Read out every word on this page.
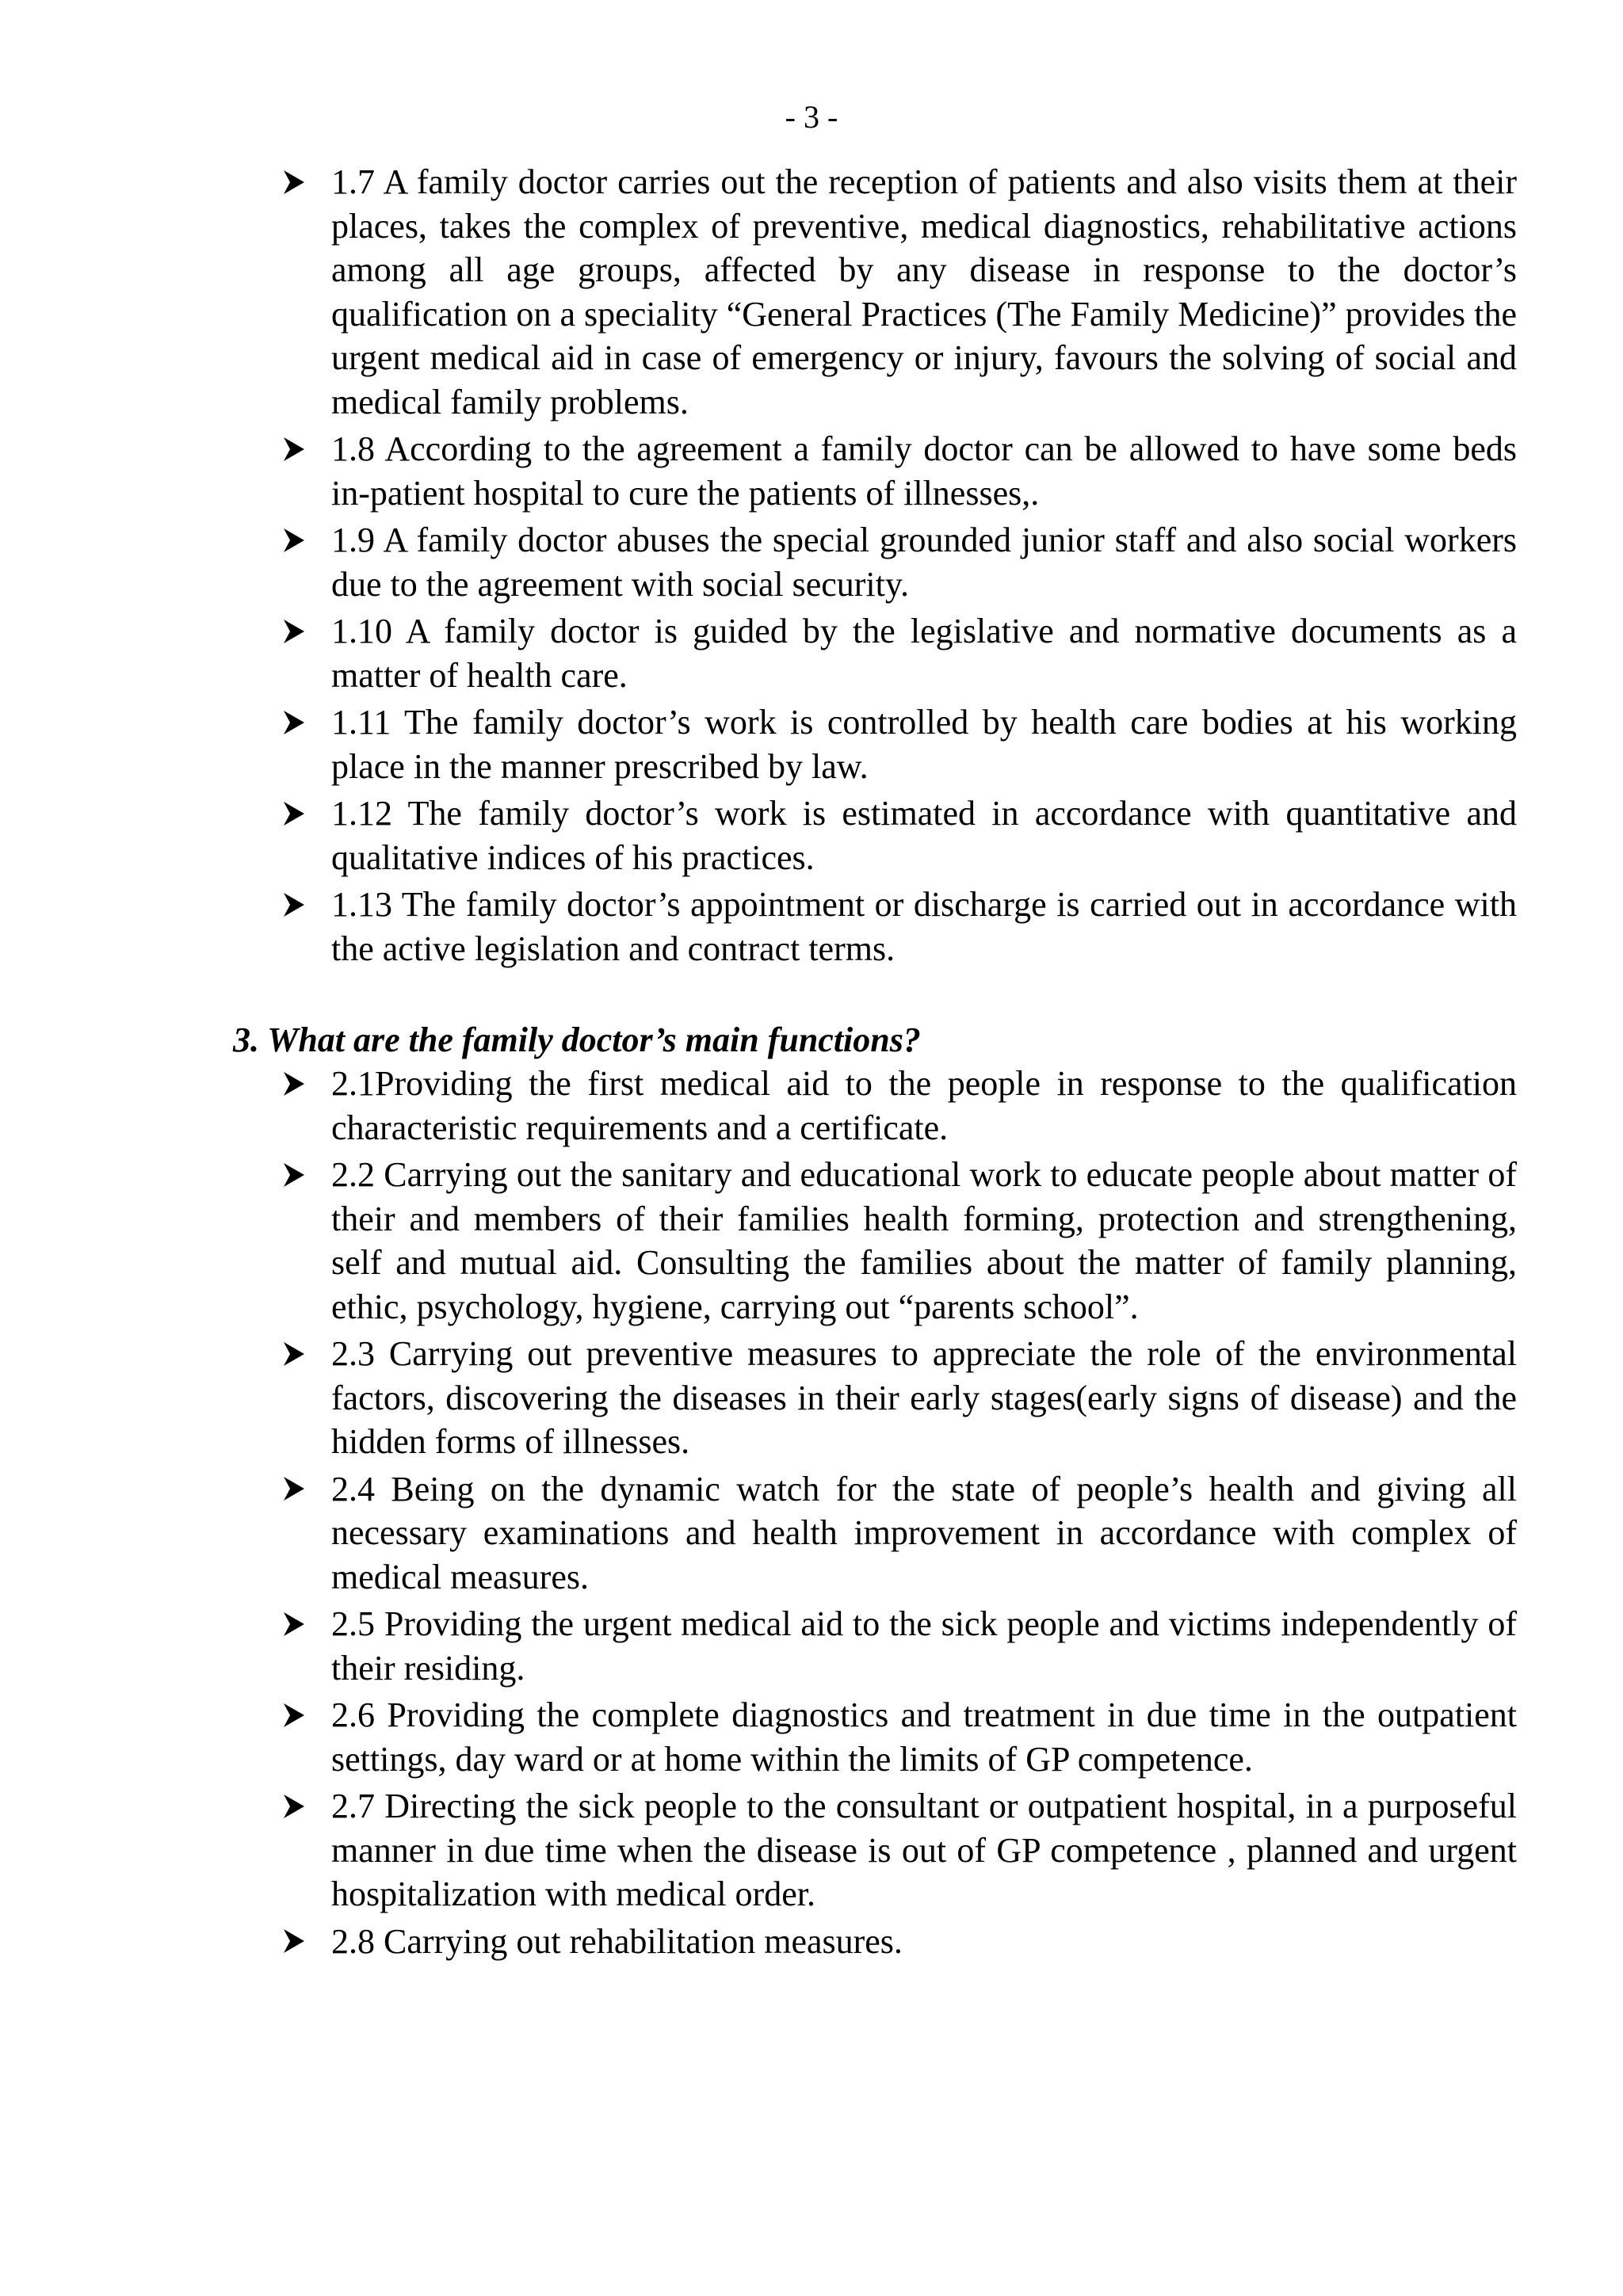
- 3 -
1.7 A family doctor carries out the reception of patients and also visits them at their places, takes the complex of preventive, medical diagnostics, rehabilitative actions among all age groups, affected by any disease in response to the doctor’s qualification on a speciality “General Practices (The Family Medicine)” provides the urgent medical aid in case of emergency or injury, favours the solving of social and medical family problems.
1.8 According to the agreement a family doctor can be allowed to have some beds in-patient hospital to cure the patients of illnesses,.
1.9 A family doctor abuses the special grounded junior staff and also social workers due to the agreement with social security.
1.10 A family doctor is guided by the legislative and normative documents as a matter of health care.
1.11 The family doctor’s work is controlled by health care bodies at his working place in the manner prescribed by law.
1.12 The family doctor’s work is estimated in accordance with quantitative and qualitative indices of his practices.
1.13 The family doctor’s appointment or discharge is carried out in accordance with the active legislation and contract terms.
3. What are the family doctor’s main functions?
2.1Providing the first medical aid to the people in response to the qualification characteristic requirements and a certificate.
2.2 Carrying out the sanitary and educational work to educate people about matter of their and members of their families health forming, protection and strengthening, self and mutual aid. Consulting the families about the matter of family planning, ethic, psychology, hygiene, carrying out “parents school”.
2.3 Carrying out preventive measures to appreciate the role of the environmental factors, discovering the diseases in their early stages(early signs of disease) and the hidden forms of illnesses.
2.4 Being on the dynamic watch for the state of people’s health and giving all necessary examinations and health improvement in accordance with complex of medical measures.
2.5 Providing the urgent medical aid to the sick people and victims independently of their residing.
2.6 Providing the complete diagnostics and treatment in due time in the outpatient settings, day ward or at home within the limits of GP competence.
2.7 Directing the sick people to the consultant or outpatient hospital, in a purposeful manner in due time when the disease is out of GP competence , planned and urgent hospitalization with medical order.
2.8 Carrying out rehabilitation measures.
